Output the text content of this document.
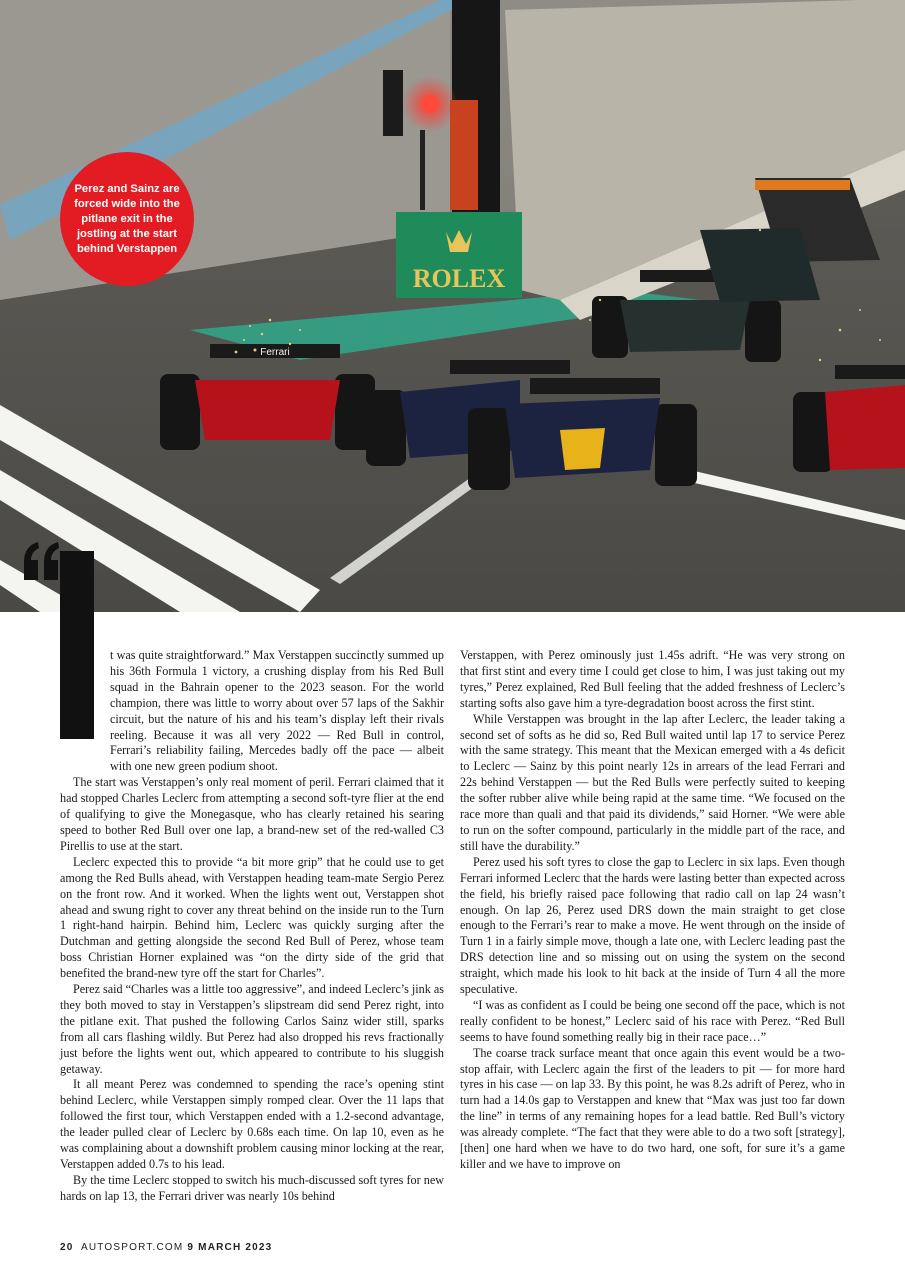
ROLEX
Ferrari
Perez and Sainz are forced wide into the pitlane exit in the jostling at the start behind Verstappen

t was quite straightforward.” Max Verstappen succinctly summed up his 36th Formula 1 victory, a crushing display from his Red Bull squad in the Bahrain opener to the 2023 season. For the world champion, there was little to worry about over 57 laps of the Sakhir circuit, but the nature of his and his team’s display left their rivals reeling. Because it was all very 2022 — Red Bull in control, Ferrari’s reliability failing, Mercedes badly off the pace — albeit with one new green podium shoot.

The start was Verstappen’s only real moment of peril. Ferrari claimed that it had stopped Charles Leclerc from attempting a second soft-tyre flier at the end of qualifying to give the Monegasque, who has clearly retained his searing speed to bother Red Bull over one lap, a brand-new set of the red-walled C3 Pirellis to use at the start.

Leclerc expected this to provide “a bit more grip” that he could use to get among the Red Bulls ahead, with Verstappen heading team-mate Sergio Perez on the front row. And it worked. When the lights went out, Verstappen shot ahead and swung right to cover any threat behind on the inside run to the Turn 1 right-hand hairpin. Behind him, Leclerc was quickly surging after the Dutchman and getting alongside the second Red Bull of Perez, whose team boss Christian Horner explained was “on the dirty side of the grid that benefited the brand-new tyre off the start for Charles”.

Perez said “Charles was a little too aggressive”, and indeed Leclerc’s jink as they both moved to stay in Verstappen’s slipstream did send Perez right, into the pitlane exit. That pushed the following Carlos Sainz wider still, sparks from all cars flashing wildly. But Perez had also dropped his revs fractionally just before the lights went out, which appeared to contribute to his sluggish getaway.

It all meant Perez was condemned to spending the race’s opening stint behind Leclerc, while Verstappen simply romped clear. Over the 11 laps that followed the first tour, which Verstappen ended with a 1.2-second advantage, the leader pulled clear of Leclerc by 0.68s each time. On lap 10, even as he was complaining about a downshift problem causing minor locking at the rear, Verstappen added 0.7s to his lead.

By the time Leclerc stopped to switch his much-discussed soft tyres for new hards on lap 13, the Ferrari driver was nearly 10s behind

Verstappen, with Perez ominously just 1.45s adrift. “He was very strong on that first stint and every time I could get close to him, I was just taking out my tyres,” Perez explained, Red Bull feeling that the added freshness of Leclerc’s starting softs also gave him a tyre-degradation boost across the first stint.

While Verstappen was brought in the lap after Leclerc, the leader taking a second set of softs as he did so, Red Bull waited until lap 17 to service Perez with the same strategy. This meant that the Mexican emerged with a 4s deficit to Leclerc — Sainz by this point nearly 12s in arrears of the lead Ferrari and 22s behind Verstappen — but the Red Bulls were perfectly suited to keeping the softer rubber alive while being rapid at the same time. “We focused on the race more than quali and that paid its dividends,” said Horner. “We were able to run on the softer compound, particularly in the middle part of the race, and still have the durability.”

Perez used his soft tyres to close the gap to Leclerc in six laps. Even though Ferrari informed Leclerc that the hards were lasting better than expected across the field, his briefly raised pace following that radio call on lap 24 wasn’t enough. On lap 26, Perez used DRS down the main straight to get close enough to the Ferrari’s rear to make a move. He went through on the inside of Turn 1 in a fairly simple move, though a late one, with Leclerc leading past the DRS detection line and so missing out on using the system on the second straight, which made his look to hit back at the inside of Turn 4 all the more speculative.

“I was as confident as I could be being one second off the pace, which is not really confident to be honest,” Leclerc said of his race with Perez. “Red Bull seems to have found something really big in their race pace…”

The coarse track surface meant that once again this event would be a two-stop affair, with Leclerc again the first of the leaders to pit — for more hard tyres in his case — on lap 33. By this point, he was 8.2s adrift of Perez, who in turn had a 14.0s gap to Verstappen and knew that “Max was just too far down the line” in terms of any remaining hopes for a lead battle. Red Bull’s victory was already complete. “The fact that they were able to do a two soft [strategy], [then] one hard when we have to do two hard, one soft, for sure it’s a game killer and we have to improve on

20 AUTOSPORT.COM 9 MARCH 2023
